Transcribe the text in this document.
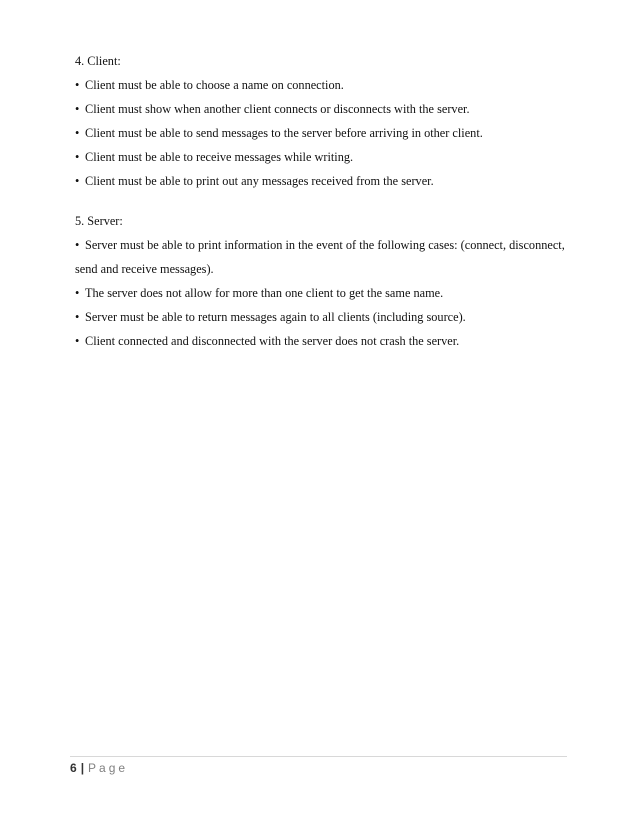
4. Client:

• Client must be able to choose a name on connection.

• Client must show when another client connects or disconnects with the server.

• Client must be able to send messages to the server before arriving in other client.

• Client must be able to receive messages while writing.

• Client must be able to print out any messages received from the server.

5. Server:

• Server must be able to print information in the event of the following cases: (connect, disconnect, send and receive messages).

• The server does not allow for more than one client to get the same name.

• Server must be able to return messages again to all clients (including source).

• Client connected and disconnected with the server does not crash the server.

6 | Page
